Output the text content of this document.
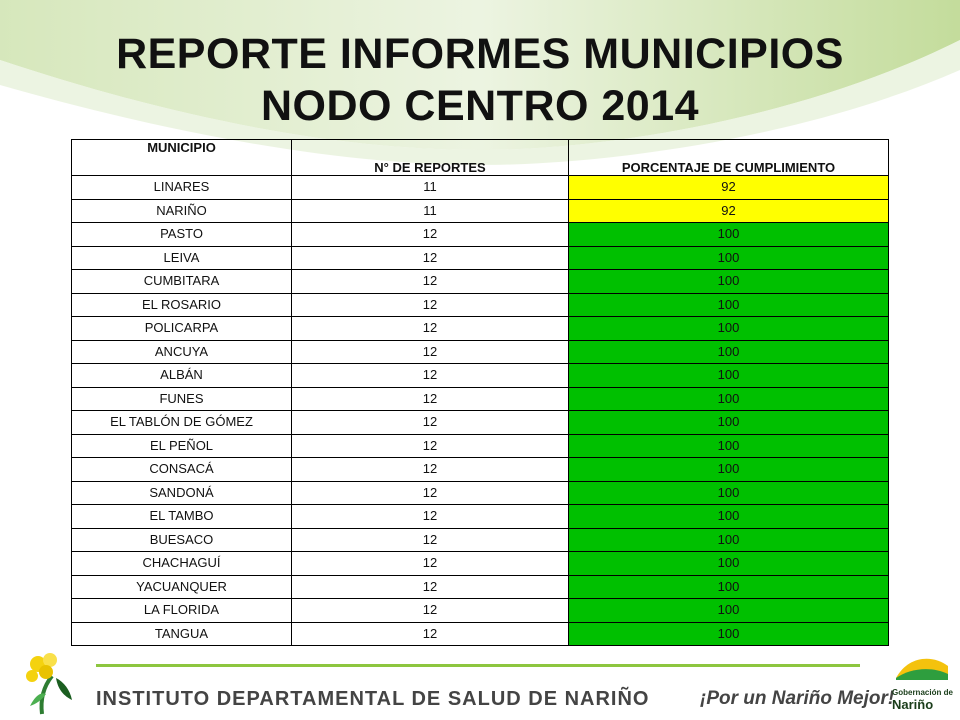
REPORTE INFORMES MUNICIPIOS
NODO CENTRO 2014
MUNICIPIO	N° DE REPORTES	PORCENTAJE DE CUMPLIMIENTO
LINARES	11	92
NARIÑO	11	92
PASTO	12	100
LEIVA	12	100
CUMBITARA	12	100
EL ROSARIO	12	100
POLICARPA	12	100
ANCUYA	12	100
ALBÁN	12	100
FUNES	12	100
EL TABLÓN DE GÓMEZ	12	100
EL PEÑOL	12	100
CONSACÁ	12	100
SANDONÁ	12	100
EL TAMBO	12	100
BUESACO	12	100
CHACHAGUÍ	12	100
YACUANQUER	12	100
LA FLORIDA	12	100
TANGUA	12	100
INSTITUTO DEPARTAMENTAL DE SALUD DE NARIÑO	¡Por un Nariño Mejor!
Gobernación de
Nariño
